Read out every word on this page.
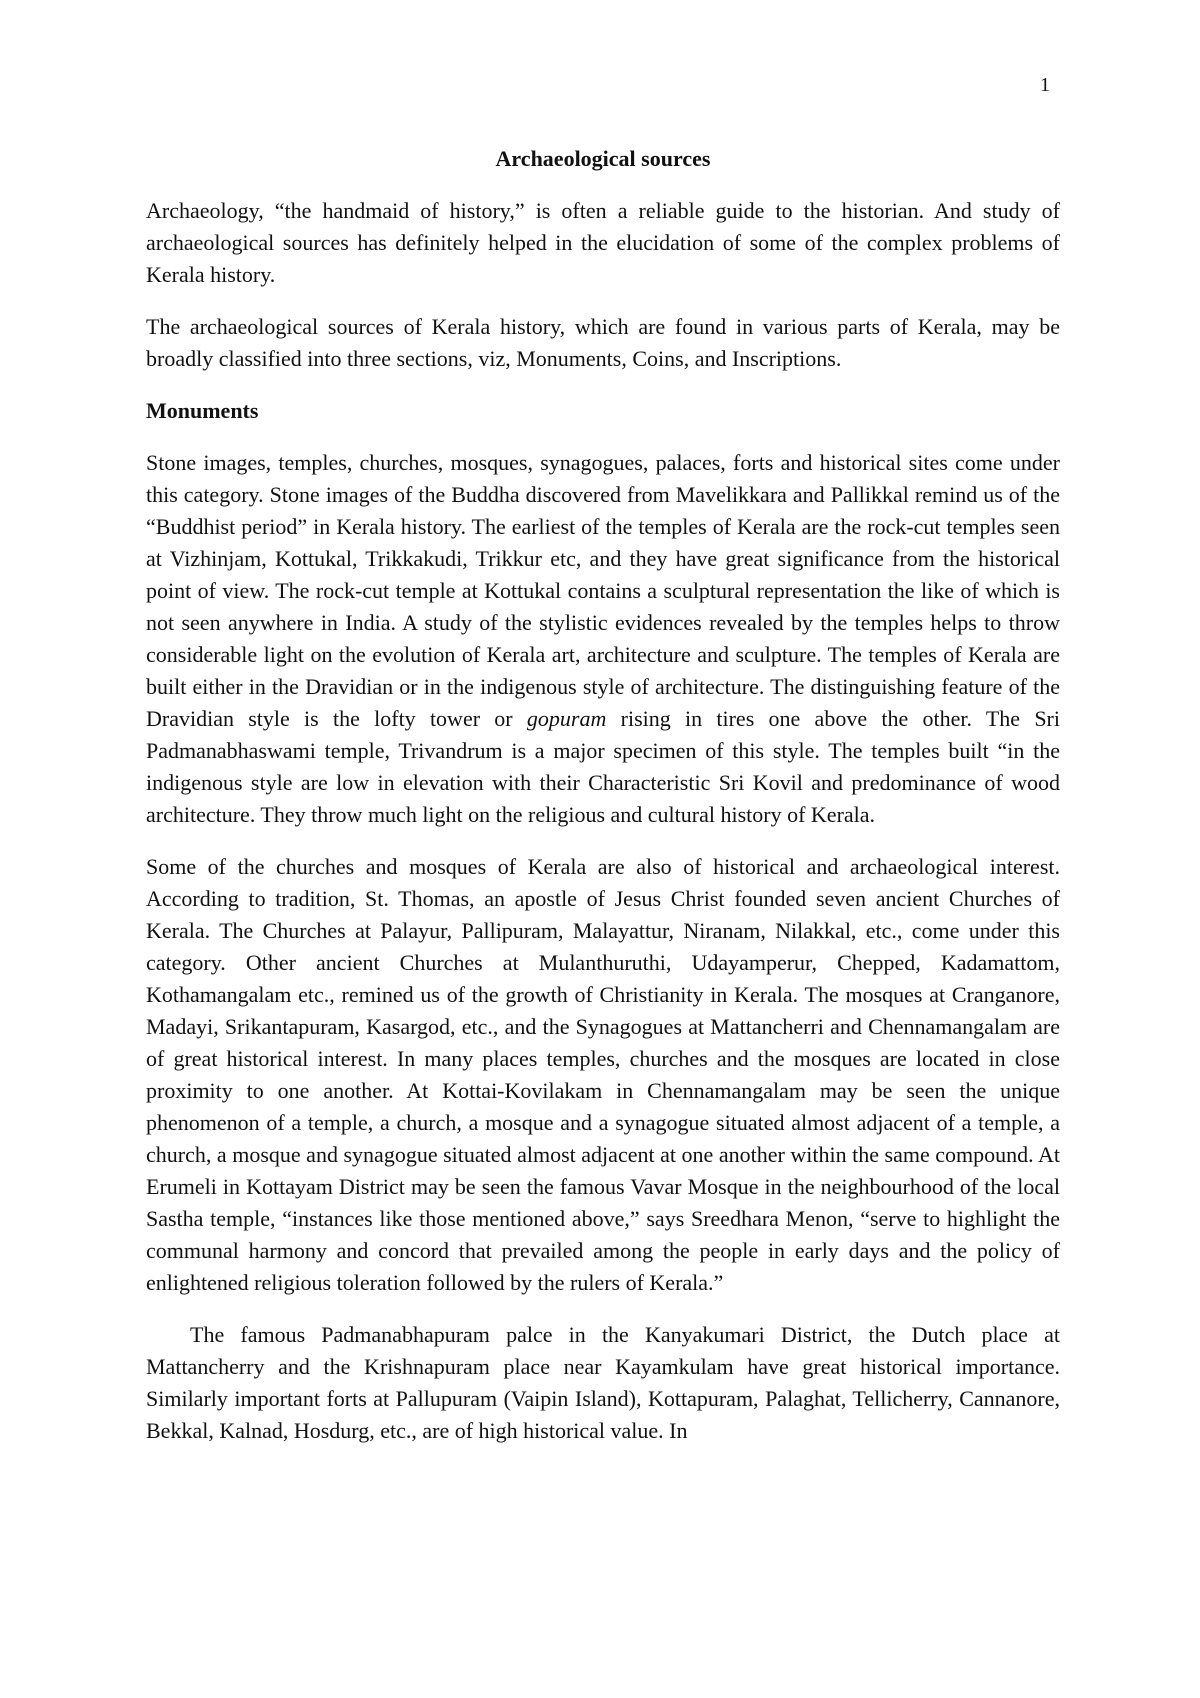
1
Archaeological sources

Archaeology, “the handmaid of history,” is often a reliable guide to the historian. And study of archaeological sources has definitely helped in the elucidation of some of the complex problems of Kerala history.

The archaeological sources of Kerala history, which are found in various parts of Kerala, may be broadly classified into three sections, viz, Monuments, Coins, and Inscriptions.

Monuments

Stone images, temples, churches, mosques, synagogues, palaces, forts and historical sites come under this category. Stone images of the Buddha discovered from Mavelikkara and Pallikkal remind us of the “Buddhist period” in Kerala history. The earliest of the temples of Kerala are the rock-cut temples seen at Vizhinjam, Kottukal, Trikkakudi, Trikkur etc, and they have great significance from the historical point of view. The rock-cut temple at Kottukal contains a sculptural representation the like of which is not seen anywhere in India. A study of the stylistic evidences revealed by the temples helps to throw considerable light on the evolution of Kerala art, architecture and sculpture. The temples of Kerala are built either in the Dravidian or in the indigenous style of architecture. The distinguishing feature of the Dravidian style is the lofty tower or gopuram rising in tires one above the other. The Sri Padmanabhaswami temple, Trivandrum is a major specimen of this style. The temples built “in the indigenous style are low in elevation with their Characteristic Sri Kovil and predominance of wood architecture. They throw much light on the religious and cultural history of Kerala.

Some of the churches and mosques of Kerala are also of historical and archaeological interest. According to tradition, St. Thomas, an apostle of Jesus Christ founded seven ancient Churches of Kerala. The Churches at Palayur, Pallipuram, Malayattur, Niranam, Nilakkal, etc., come under this category. Other ancient Churches at Mulanthuruthi, Udayamperur, Chepped, Kadamattom, Kothamangalam etc., remined us of the growth of Christianity in Kerala. The mosques at Cranganore, Madayi, Srikantapuram, Kasargod, etc., and the Synagogues at Mattancherri and Chennamangalam are of great historical interest. In many places temples, churches and the mosques are located in close proximity to one another. At Kottai-Kovilakam in Chennamangalam may be seen the unique phenomenon of a temple, a church, a mosque and a synagogue situated almost adjacent of a temple, a church, a mosque and synagogue situated almost adjacent at one another within the same compound. At Erumeli in Kottayam District may be seen the famous Vavar Mosque in the neighbourhood of the local Sastha temple, “instances like those mentioned above,” says Sreedhara Menon, “serve to highlight the communal harmony and concord that prevailed among the people in early days and the policy of enlightened religious toleration followed by the rulers of Kerala.”

The famous Padmanabhapuram palce in the Kanyakumari District, the Dutch place at Mattancherry and the Krishnapuram place near Kayamkulam have great historical importance. Similarly important forts at Pallupuram (Vaipin Island), Kottapuram, Palaghat, Tellicherry, Cannanore, Bekkal, Kalnad, Hosdurg, etc., are of high historical value. In
